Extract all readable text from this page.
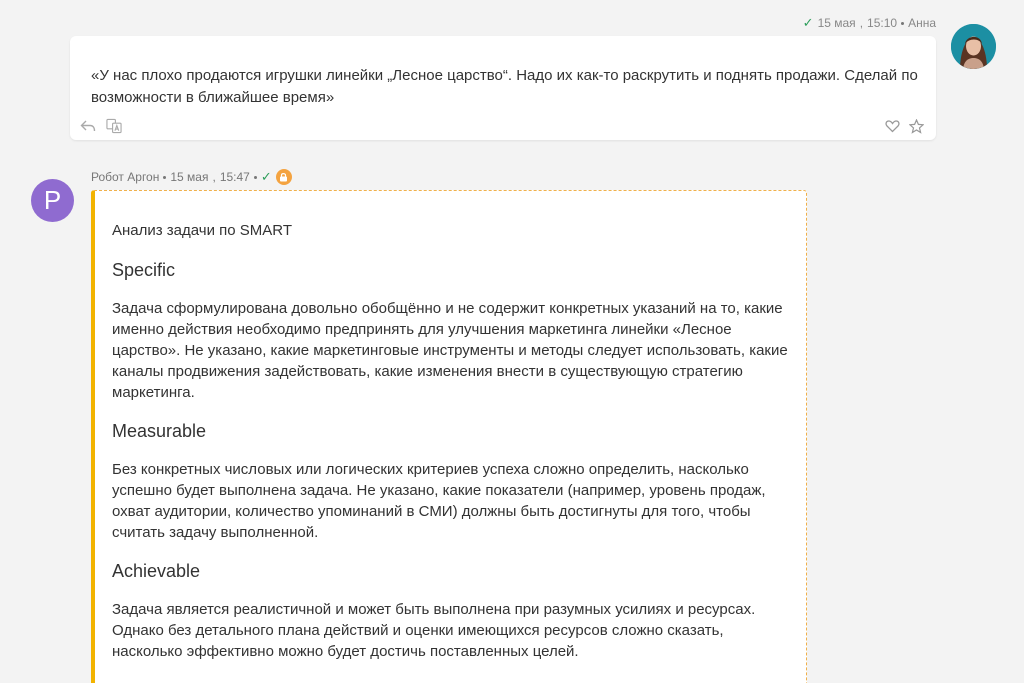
✓ 15 мая , 15:10 Анна
«У нас плохо продаются игрушки линейки „Лесное царство“. Надо их как-то раскрутить и поднять продажи. Сделай по возможности в ближайшее время»
Робот Аргон 15 мая , 15:47 ✓
Р
Анализ задачи по SMART
Specific
Задача сформулирована довольно обобщённо и не содержит конкретных указаний на то, какие именно действия необходимо предпринять для улучшения маркетинга линейки «Лесное царство». Не указано, какие маркетинговые инструменты и методы следует использовать, какие каналы продвижения задействовать, какие изменения внести в существующую стратегию маркетинга.
Measurable
Без конкретных числовых или логических критериев успеха сложно определить, насколько успешно будет выполнена задача. Не указано, какие показатели (например, уровень продаж, охват аудитории, количество упоминаний в СМИ) должны быть достигнуты для того, чтобы считать задачу выполненной.
Achievable
Задача является реалистичной и может быть выполнена при разумных усилиях и ресурсах. Однако без детального плана действий и оценки имеющихся ресурсов сложно сказать, насколько эффективно можно будет достичь поставленных целей.
